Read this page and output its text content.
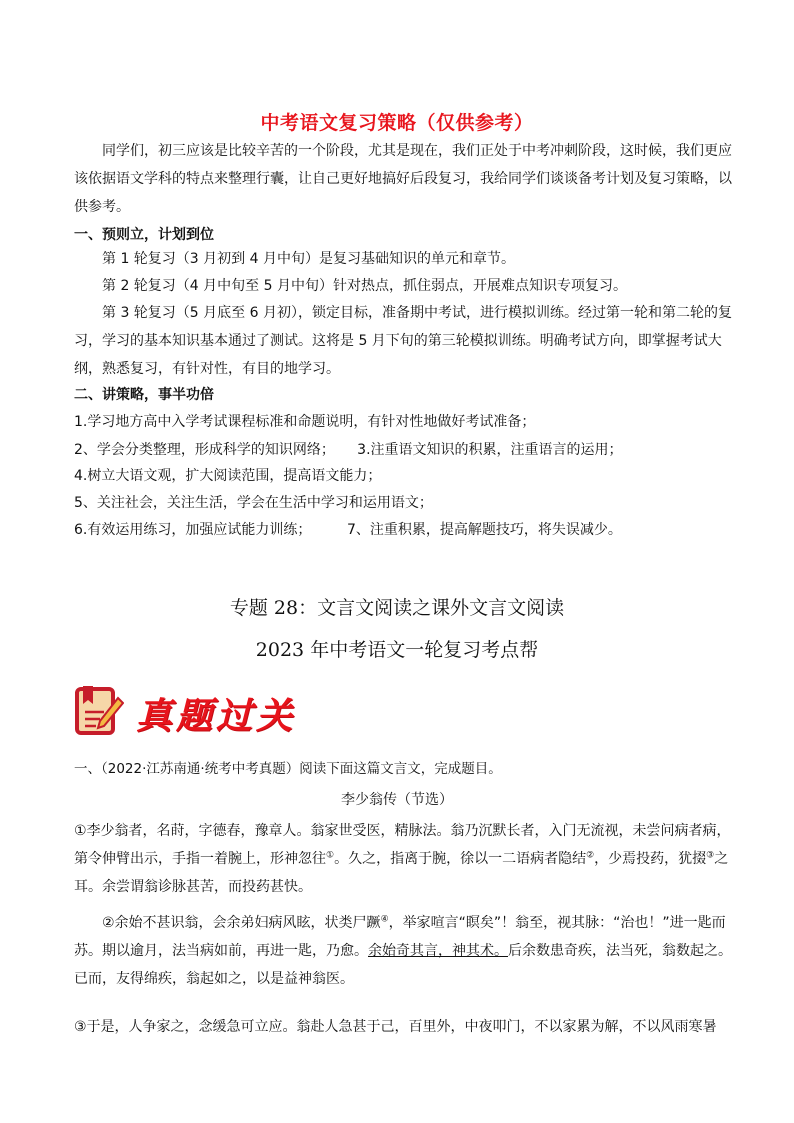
中考语文复习策略（仅供参考）
同学们，初三应该是比较辛苦的一个阶段，尤其是现在，我们正处于中考冲刺阶段，这时候，我们更应该依据语文学科的特点来整理行囊，让自己更好地搞好后段复习，我给同学们谈谈备考计划及复习策略，以供参考。
一、预则立，计划到位
第 1 轮复习（3 月初到 4 月中旬）是复习基础知识的单元和章节。
第 2 轮复习（4 月中旬至 5 月中旬）针对热点，抓住弱点，开展难点知识专项复习。
第 3 轮复习（5 月底至 6 月初），锁定目标，准备期中考试，进行模拟训练。经过第一轮和第二轮的复习，学习的基本知识基本通过了测试。这将是 5 月下旬的第三轮模拟训练。明确考试方向，即掌握考试大纲，熟悉复习，有针对性，有目的地学习。
二、讲策略，事半功倍
1.学习地方高中入学考试课程标准和命题说明，有针对性地做好考试准备；
2、学会分类整理，形成科学的知识网络；     3.注重语文知识的积累，注重语言的运用；
4.树立大语文观，扩大阅读范围，提高语文能力；
5、关注社会，关注生活，学会在生活中学习和运用语文；
6.有效运用练习，加强应试能力训练；        7、注重积累，提高解题技巧，将失误减少。
专题 28：文言文阅读之课外文言文阅读
2023 年中考语文一轮复习考点帮
真题过关
一、（2022·江苏南通·统考中考真题）阅读下面这篇文言文，完成题目。
李少翁传（节选）
①李少翁者，名莳，字德春，豫章人。翁家世受医，精脉法。翁乃沉默长者，入门无流视，未尝问病者病，第令伸臂出示，手指一着腕上，形神忽往①。久之，指离于腕，徐以一二语病者隐结②，少焉投药，犹掇③之耳。余尝谓翁诊脉甚苦，而投药甚快。
②余始不甚识翁，会余弟妇病风眩，状类尸蹶④，举家喧言“瞑矣”！翁至，视其脉：“治也！”进一匙而苏。期以逾月，法当病如前，再进一匙，乃愈。余始奇其言，神其术。后余数患奇疾，法当死，翁数起之。已而，友得绵疾，翁起如之，以是益神翁医。
③于是，人争家之，念缓急可立应。翁赴人急甚于己，百里外，中夜叩门，不以家累为解，不以风雨寒暑
